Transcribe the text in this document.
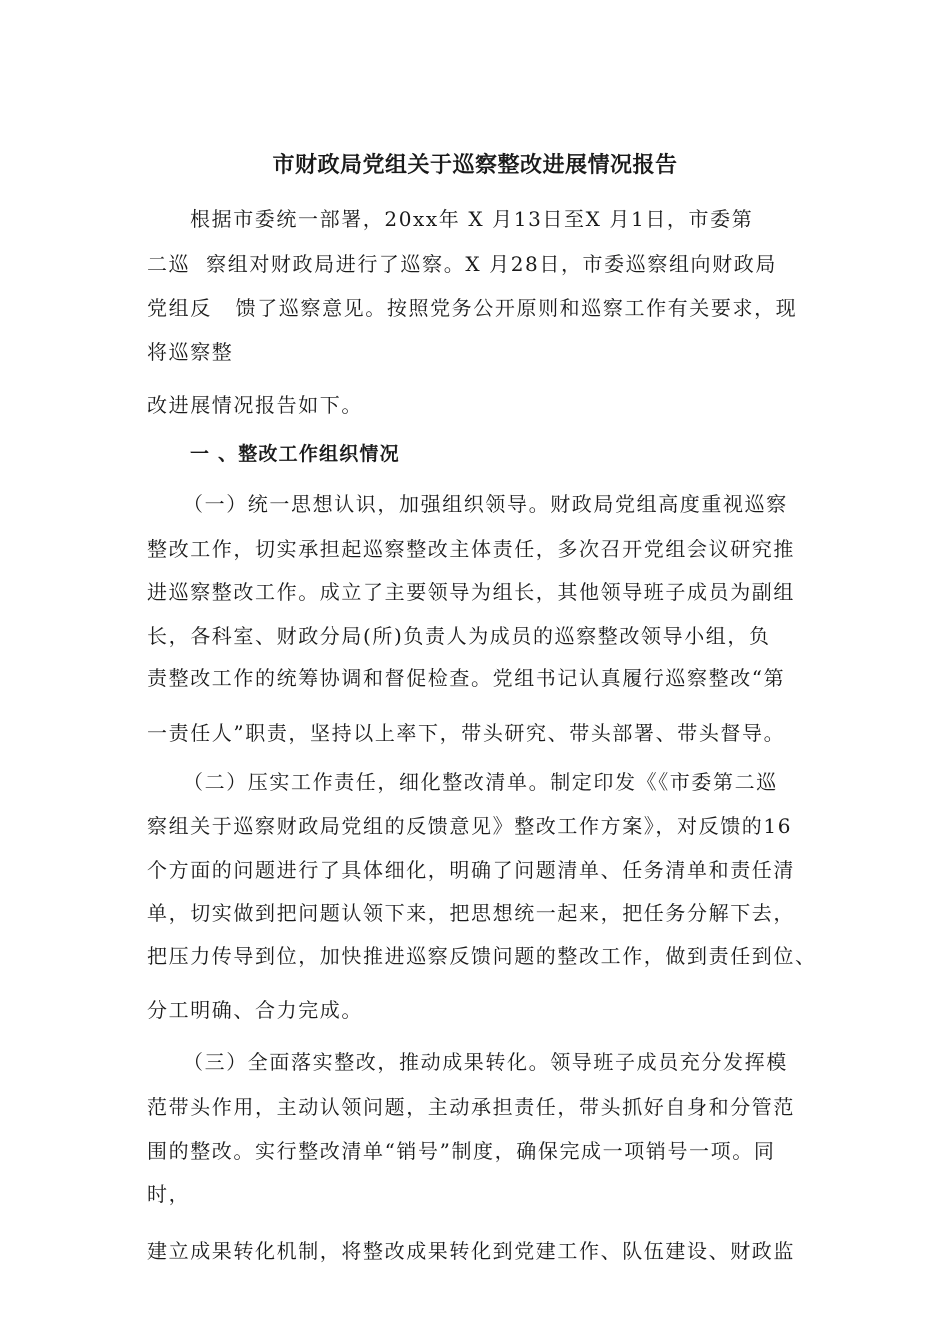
市财政局党组关于巡察整改进展情况报告
根据市委统一部署，20xx年 X 月13日至X 月1日，市委第
二巡  察组对财政局进行了巡察。X 月28日，市委巡察组向财政局
党组反   馈了巡察意见。按照党务公开原则和巡察工作有关要求，现
将巡察整
改进展情况报告如下。
一 、整改工作组织情况
（一）统一思想认识，加强组织领导。财政局党组高度重视巡察
整改工作，切实承担起巡察整改主体责任，多次召开党组会议研究推
进巡察整改工作。成立了主要领导为组长，其他领导班子成员为副组
长，各科室、财政分局(所)负责人为成员的巡察整改领导小组，负
责整改工作的统筹协调和督促检查。党组书记认真履行巡察整改“第
一责任人”职责，坚持以上率下，带头研究、带头部署、带头督导。
（二）压实工作责任，细化整改清单。制定印发《《市委第二巡
察组关于巡察财政局党组的反馈意见》整改工作方案》，对反馈的16
个方面的问题进行了具体细化，明确了问题清单、任务清单和责任清
单，切实做到把问题认领下来，把思想统一起来，把任务分解下去，
把压力传导到位，加快推进巡察反馈问题的整改工作，做到责任到位、
分工明确、合力完成。
（三）全面落实整改，推动成果转化。领导班子成员充分发挥模
范带头作用，主动认领问题，主动承担责任，带头抓好自身和分管范
围的整改。实行整改清单“销号”制度，确保完成一项销号一项。同
时，
建立成果转化机制，将整改成果转化到党建工作、队伍建设、财政监
